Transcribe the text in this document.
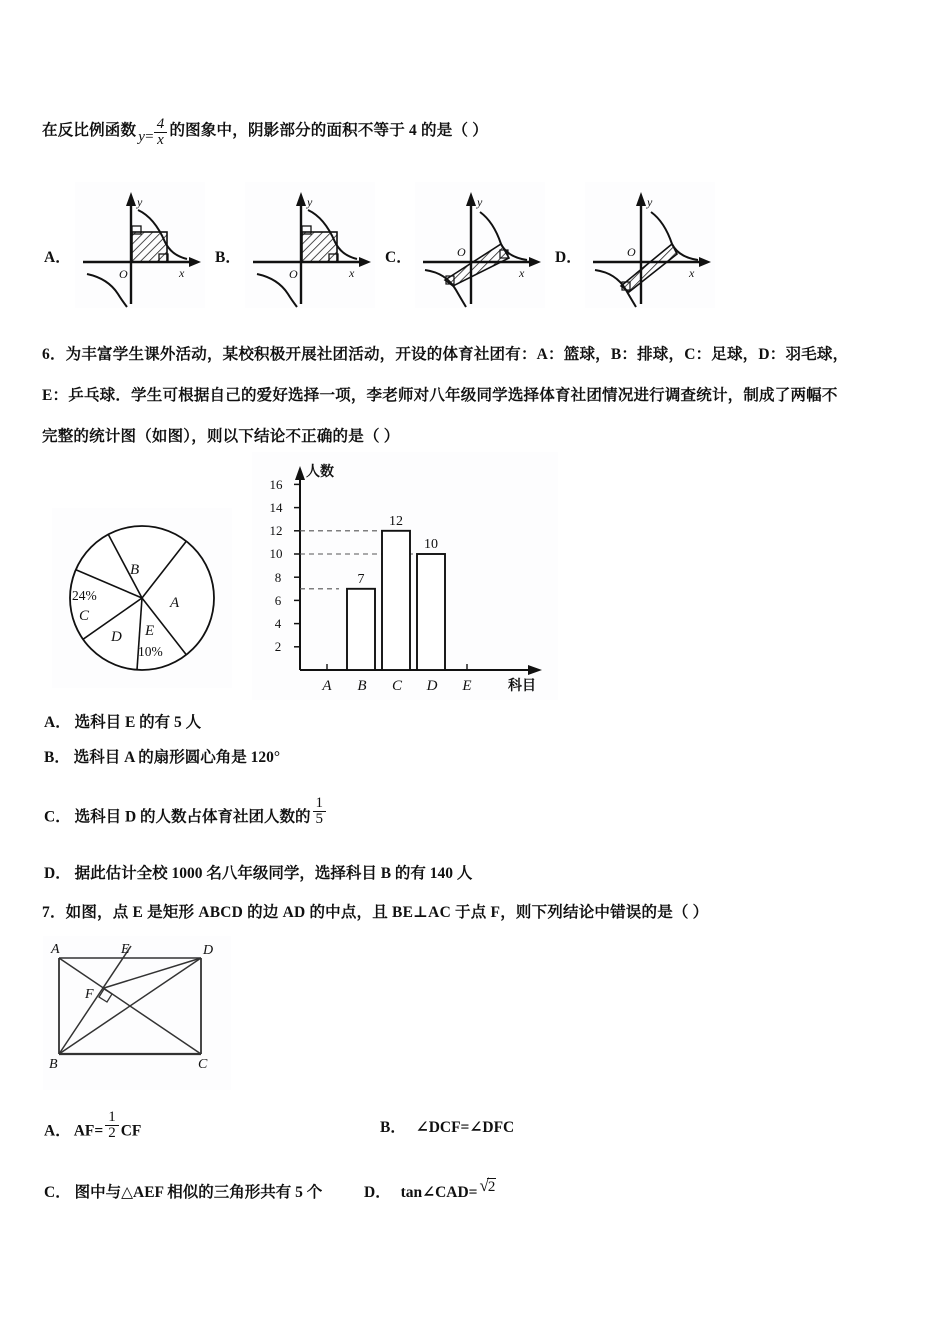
在反比例函数 $y= \frac{4}{x}$ 的图象中，阴影部分的面积不等于 4 的是（ ）
A．	B．	C．	D．
O	x
y
O	x
y
O
x
y
O
x
y
6．为丰富学生课外活动，某校积极开展社团活动，开设的体育社团有：A：篮球，B：排球，C：足球，D：羽毛球，
E：乒乓球．学生可根据自己的爱好选择一项，李老师对八年级同学选择体育社团情况进行调查统计，制成了两幅不
完整的统计图（如图），则以下结论不正确的是（ ）
B
A
C
D E
24%
10%
人数
科目
2
4
6
8
10
12
14
16
7
12
10
A B C D E
A． 选科目 E 的有 5 人
B． 选科目 A 的扇形圆心角是 120°
C． 选科目 D 的人数占体育社团人数的 $\frac{1}{5}$
D． 据此估计全校 1000 名八年级同学，选择科目 B 的有 140 人
7．如图，点 E 是矩形 ABCD 的边 AD 的中点，且 BE⊥AC 于点 F，则下列结论中错误的是（ ）
A	E	D
F
B	C
A． $AF= \frac{1}{2}$ CF	B． ∠DCF=∠DFC
C． 图中与△AEF 相似的三角形共有 5 个	D． tan∠CAD= √2
